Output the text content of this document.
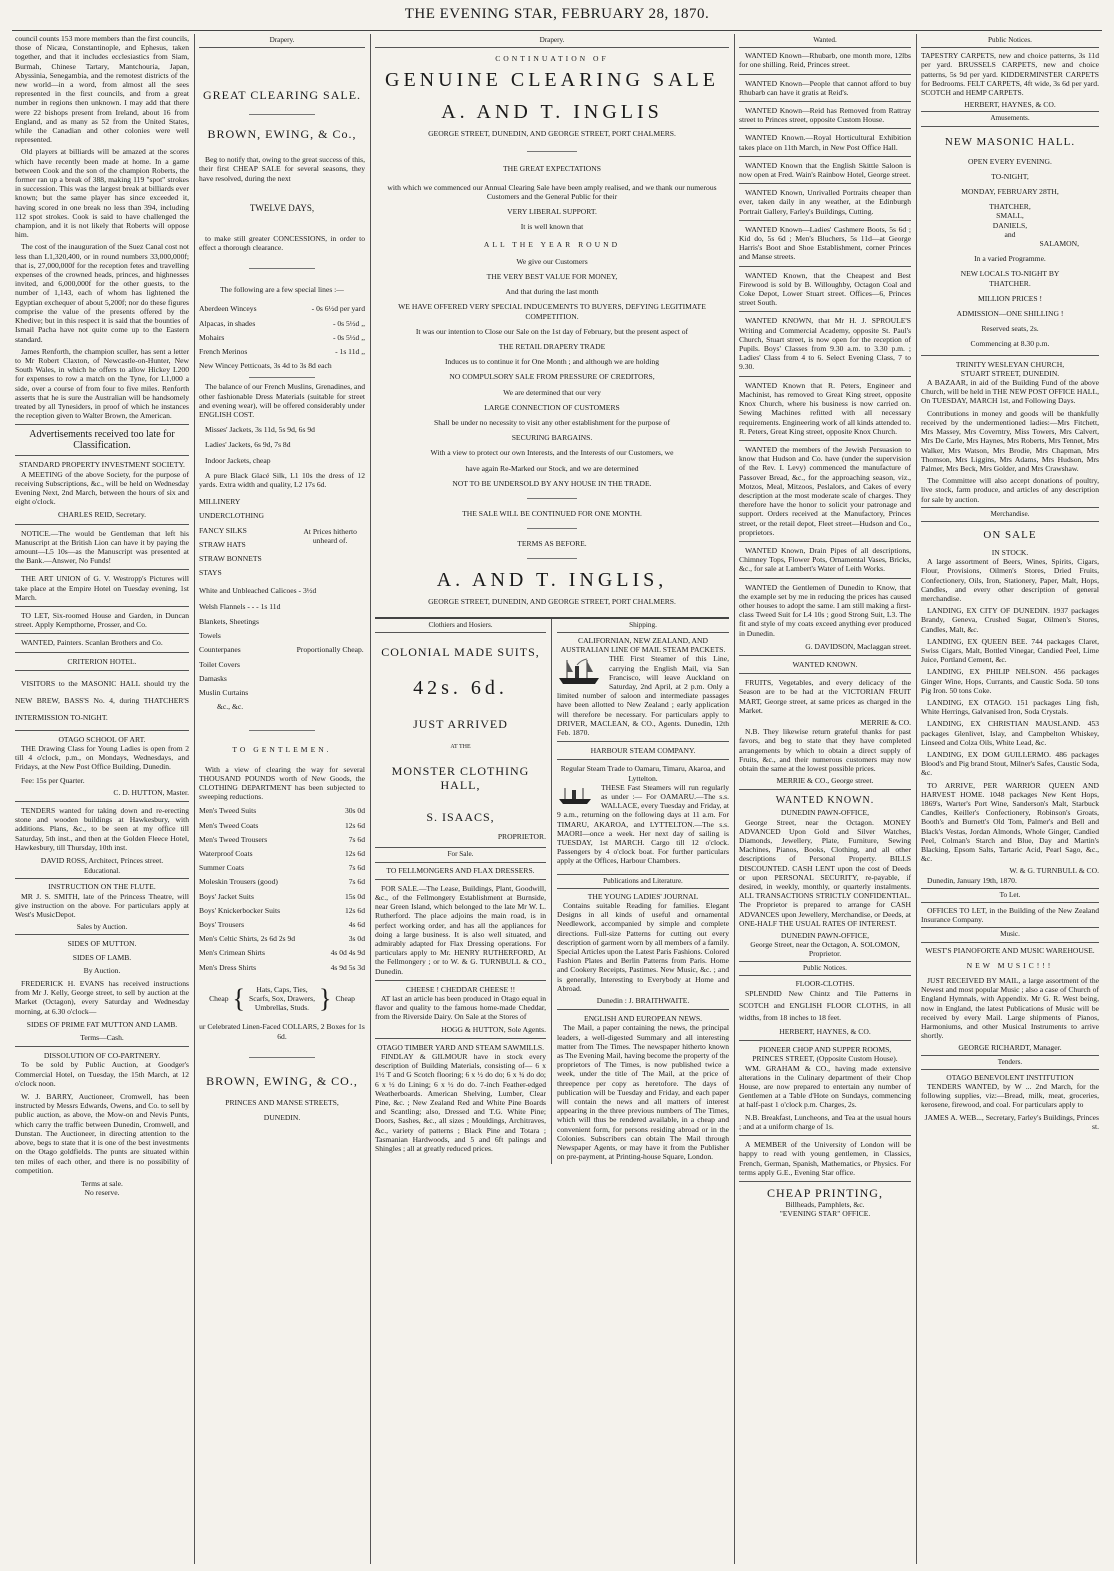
THE EVENING STAR, FEBRUARY 28, 1870.
council counts 153 more members than the first councils, those of Nicæa, Constantinople, and Ephesus, taken together, and that it includes ecclesiastics from Siam, Burmah, Chinese Tartary, Mantchouria, Japan, Abyssinia, Senegambia, and the remotest districts of the new world—in a word, from almost all the sees represented in the first councils, and from a great number in regions then unknown. I may add that there were 22 bishops present from Ireland, about 16 from England, and as many as 52 from the United States, while the Canadian and other colonies were well represented.
Old players at billiards will be amazed at the scores which have recently been made at home. In a game between Cook and the son of the champion Roberts, the former ran up a break of 388, making 119 "spot" strokes in succession. This was the largest break at billiards ever known; but the same player has since exceeded it, having scored in one break no less than 394, including 112 spot strokes. Cook is said to have challenged the champion, and it is not likely that Roberts will oppose him.
The cost of the inauguration of the Suez Canal cost not less than L1,320,400, or in round numbers 33,000,000f; that is, 27,000,000f for the reception fetes and travelling expenses of the crowned heads, princes, and highnesses invited, and 6,000,000f for the other guests, to the number of 1,143, each of whom has lightened the Egyptian exchequer of about 5,200f; nor do these figures comprise the value of the presents offered by the Khedive; but in this respect it is said that the bounties of Ismail Pacha have not quite come up to the Eastern standard.
James Renforth, the champion sculler, has sent a letter to Mr Robert Claxton, of Newcastle-on-Hunter, New South Wales, in which he offers to allow Hickey L200 for expenses to row a match on the Tyne, for L1,000 a side, over a course of from four to five miles. Renforth asserts that he is sure the Australian will be handsomely treated by all Tynesiders, in proof of which he instances the reception given to Walter Brown, the American.
Advertisements received too late for Classification.
STANDARD PROPERTY INVESTMENT SOCIETY.
A MEETING of the above Society, for the purpose of receiving Subscriptions, &c., will be held on Wednesday Evening Next, 2nd March, between the hours of six and eight o'clock.
CHARLES REID, Secretary.
NOTICE.—The would be Gentleman that left his Manuscript at the British Lion can have it by paying the amount—L5 10s—as the Manuscript was presented at the Bank.—Answer, No Funds!
THE ART UNION of G. V. Westropp's Pictures will take place at the Empire Hotel on Tuesday evening, 1st March.
TO LET, Six-roomed House and Garden, in Duncan street. Apply Kempthorne, Prosser, and Co.
WANTED, Painters. Scanlan Brothers and Co.
CRITERION HOTEL.
VISITORS to the MASONIC HALL should try the NEW BREW, BASS'S No. 4, during THATCHER'S INTERMISSION TO-NIGHT.
OTAGO SCHOOL OF ART.
THE Drawing Class for Young Ladies is open from 2 till 4 o'clock, p.m., on Mondays, Wednesdays, and Fridays, at the New Post Office Building, Dunedin.
Fee: 15s per Quarter.
C. D. HUTTON, Master.
TENDERS wanted for taking down and re-erecting stone and wooden buildings at Hawkesbury, with additions. Plans, &c., to be seen at my office till Saturday, 5th inst., and then at the Golden Fleece Hotel, Hawkesbury, till Thursday, 10th inst.
DAVID ROSS, Architect, Princes street.
Educational.
INSTRUCTION ON THE FLUTE.
MR J. S. SMITH, late of the Princess Theatre, will give instruction on the above. For particulars apply at West's MusicDepot.
Sales by Auction.
SIDES OF MUTTON.
SIDES OF LAMB.
By Auction.
FREDERICK H. EVANS has received instructions from Mr J. Kelly, George street, to sell by auction at the Market (Octagon), every Saturday and Wednesday morning, at 6.30 o'clock—
SIDES OF PRIME FAT MUTTON AND LAMB.
Terms—Cash.
DISSOLUTION OF CO-PARTNERY.
To be sold by Public Auction, at Goodger's Commercial Hotel, on Tuesday, the 15th March, at 12 o'clock noon.
W. J. BARRY, Auctioneer, Cromwell, has been instructed by Messrs Edwards, Owens, and Co. to sell by public auction, as above, the Mow-on and Nevis Punts, which carry the traffic between Dunedin, Cromwell, and Dunstan. The Auctioneer, in directing attention to the above, begs to state that it is one of the best investments on the Otago goldfields. The punts are situated within ten miles of each other, and there is no possibility of competition.
Terms at sale.
No reserve.
Drapery.
GREAT CLEARING SALE.
BROWN, EWING, & Co.,
Beg to notify that, owing to the great success of this, their first CHEAP SALE for several seasons, they have resolved, during the next
TWELVE DAYS,
to make still greater CONCESSIONS, in order to effect a thorough clearance.
The following are a few special lines :—
Aberdeen Winceys	- 0s 6½d per yard
Alpacas, in shades	- 0s 5½d ,,
Mohairs	- 0s 5½d ,,
French Merinos	- 1s 11d ,,
New Wincey Petticoats, 3s 4d to 3s 8d each	
The balance of our French Muslins, Grenadines, and other fashionable Dress Materials (suitable for street and evening wear), will be offered considerably under ENGLISH COST.
Misses' Jackets, 3s 11d, 5s 9d, 6s 9d
Ladies' Jackets, 6s 9d, 7s 8d
Indoor Jackets, cheap
A pure Black Glacé Silk, L1 10s the dress of 12 yards. Extra width and quality, L2 17s 6d.
MILLINERY
UNDERCLOTHING
FANCY SILKS
STRAW HATS
STRAW BONNETS
STAYS
At Prices hitherto unheard of.
White and Unbleached Calicoes - 3½d
Welsh Flannels - - - 1s 11d
Blankets, Sheetings
Towels
Counterpanes
Toilet Covers
Damasks
Muslin Curtains
&c., &c.
Proportionally Cheap.
TO GENTLEMEN.
With a view of clearing the way for several THOUSAND POUNDS worth of New Goods, the CLOTHING DEPARTMENT has been subjected to sweeping reductions.
Men's Tweed Suits	30s 0d
Men's Tweed Coats	12s 6d
Men's Tweed Trousers	7s 6d
Waterproof Coats	12s 6d
Summer Coats	7s 6d
Moleskin Trousers (good)	7s 6d
Boys' Jacket Suits	15s 0d
Boys' Knickerbocker Suits	12s 6d
Boys' Trousers	4s 6d
Men's Celtic Shirts, 2s 6d 2s 9d	3s 0d
Men's Crimean Shirts	4s 0d 4s 9d
Men's Dress Shirts	4s 9d 5s 3d
Cheap {	Hats, Caps, Ties,
Scarfs, Sox, Drawers,
Umbrellas, Studs. } Cheap
ur Celebrated Linen-Faced COLLARS, 2 Boxes for 1s 6d.
BROWN, EWING, & CO.,
PRINCES AND MANSE STREETS,
DUNEDIN.
Drapery.
CONTINUATION OF
GENUINE CLEARING SALE
A. AND T. INGLIS
GEORGE STREET, DUNEDIN, AND GEORGE STREET, PORT CHALMERS.
THE GREAT EXPECTATIONS
with which we commenced our Annual Clearing Sale have been amply realised, and we thank our numerous Customers and the General Public for their
VERY LIBERAL SUPPORT.
It is well known that
ALL THE YEAR ROUND
We give our Customers
THE VERY BEST VALUE FOR MONEY,
And that during the last month
WE HAVE OFFERED VERY SPECIAL INDUCEMENTS TO BUYERS, DEFYING LEGITIMATE COMPETITION.
It was our intention to Close our Sale on the 1st day of February, but the present aspect of
THE RETAIL DRAPERY TRADE
Induces us to continue it for One Month ; and although we are holding
NO COMPULSORY SALE FROM PRESSURE OF CREDITORS,
We are determined that our very
LARGE CONNECTION OF CUSTOMERS
Shall be under no necessity to visit any other establishment for the purpose of
SECURING BARGAINS.
With a view to protect our own Interests, and the Interests of our Customers, we
have again Re-Marked our Stock, and we are determined
NOT TO BE UNDERSOLD BY ANY HOUSE IN THE TRADE.
THE SALE WILL BE CONTINUED FOR ONE MONTH.
TERMS AS BEFORE.
A. AND T. INGLIS,
GEORGE STREET, DUNEDIN, AND GEORGE STREET, PORT CHALMERS.
Clothiers and Hosiers.
COLONIAL MADE SUITS,
42s. 6d.
JUST ARRIVED
AT THE
MONSTER CLOTHING HALL,
S. ISAACS,
PROPRIETOR.
For Sale.
TO FELLMONGERS AND FLAX DRESSERS.
FOR SALE.—The Lease, Buildings, Plant, Goodwill, &c., of the Fellmongery Establishment at Burnside, near Green Island, which belonged to the late Mr W. L. Rutherford. The place adjoins the main road, is in perfect working order, and has all the appliances for doing a large business. It is also well situated, and admirably adapted for Flax Dressing operations. For particulars apply to Mr. HENRY RUTHERFORD, At the Fellmongery ; or to W. & G. TURNBULL & CO., Dunedin.
CHEESE ! CHEDDAR CHEESE !!
AT last an article has been produced in Otago equal in flavor and quality to the famous home-made Cheddar, from the Riverside Dairy. On Sale at the Stores of
HOGG & HUTTON, Sole Agents.
OTAGO TIMBER YARD AND STEAM SAWMILLS.
FINDLAY & GILMOUR have in stock every description of Building Materials, consisting of— 6 x 1½ T and G Scotch flooring; 6 x ½ do do; 6 x ¾ do do; 6 x ½ do Lining; 6 x ½ do do. 7-inch Feather-edged Weatherboards. American Shelving, Lumber, Clear Pine, &c. ; New Zealand Red and White Pine Boards and Scantling; also, Dressed and T.G. White Pine; Doors, Sashes, &c., all sizes ; Mouldings, Architraves, &c., variety of patterns ; Black Pine and Totara ; Tasmanian Hardwoods, and 5 and 6ft palings and Shingles ; all at greatly reduced prices.
Shipping.
CALIFORNIAN, NEW ZEALAND, AND AUSTRALIAN LINE OF MAIL STEAM PACKETS.
THE First Steamer of this Line, carrying the English Mail, via San Francisco, will leave Auckland on Saturday, 2nd April, at 2 p.m. Only a limited number of saloon and intermediate passages have been allotted to New Zealand ; early application will therefore be necessary. For particulars apply to DRIVER, MACLEAN, & CO., Agents. Dunedin, 12th Feb. 1870.
HARBOUR STEAM COMPANY.
Regular Steam Trade to Oamaru, Timaru, Akaroa, and Lyttelton.
THESE Fast Steamers will run regularly as under :— For OAMARU.—The s.s. WALLACE, every Tuesday and Friday, at 9 a.m., returning on the following days at 11 a.m. For TIMARU, AKAROA, and LYTTELTON.—The s.s. MAORI—once a week. Her next day of sailing is TUESDAY, 1st MARCH. Cargo till 12 o'clock. Passengers by 4 o'clock boat. For further particulars apply at the Offices, Harbour Chambers.
Publications and Literature.
THE YOUNG LADIES' JOURNAL
Contains suitable Reading for families. Elegant Designs in all kinds of useful and ornamental Needlework, accompanied by simple and complete directions. Full-size Patterns for cutting out every description of garment worn by all members of a family. Special Articles upon the Latest Paris Fashions. Colored Fashion Plates and Berlin Patterns from Paris. Home and Cookery Receipts, Pastimes. New Music, &c. ; and is generally, Interesting to Everybody at Home and Abroad.
Dunedin : J. BRAITHWAITE.
ENGLISH AND EUROPEAN NEWS.
The Mail, a paper containing the news, the principal leaders, a well-digested Summary and all interesting matter from The Times. The newspaper hitherto known as The Evening Mail, having become the property of the proprietors of The Times, is now published twice a week, under the title of The Mail, at the price of threepence per copy as heretofore. The days of publication will be Tuesday and Friday, and each paper will contain the news and all matters of interest appearing in the three previous numbers of The Times, which will thus be rendered available, in a cheap and convenient form, for persons residing abroad or in the Colonies. Subscribers can obtain The Mail through Newspaper Agents, or may have it from the Publisher on pre-payment, at Printing-house Square, London.
Wanted.
WANTED Known—Rhubarb, one month more, 12lbs for one shilling. Reid, Princes street.
WANTED Known—People that cannot afford to buy Rhubarb can have it gratis at Reid's.
WANTED Known—Reid has Removed from Rattray street to Princes street, opposite Custom House.
WANTED Known.—Royal Horticultural Exhibition takes place on 11th March, in New Post Office Hall.
WANTED Known that the English Skittle Saloon is now open at Fred. Wain's Rainbow Hotel, George street.
WANTED Known, Unrivalled Portraits cheaper than ever, taken daily in any weather, at the Edinburgh Portrait Gallery, Farley's Buildings, Cutting.
WANTED Known—Ladies' Cashmere Boots, 5s 6d ; Kid do, 5s 6d ; Men's Bluchers, 5s 11d—at George Harris's Boot and Shoe Establishment, corner Princes and Manse streets.
WANTED Known, that the Cheapest and Best Firewood is sold by B. Willoughby, Octagon Coal and Coke Depot, Lower Stuart street. Offices—6, Princes street South.
WANTED KNOWN, that Mr H. J. SPROULE'S Writing and Commercial Academy, opposite St. Paul's Church, Stuart street, is now open for the reception of Pupils. Boys' Classes from 9.30 a.m. to 3.30 p.m. ; Ladies' Class from 4 to 6. Select Evening Class, 7 to 9.30.
WANTED Known that R. Peters, Engineer and Machinist, has removed to Great King street, opposite Knox Church, where his business is now carried on. Sewing Machines refitted with all necessary requirements. Engineering work of all kinds attended to. R. Peters, Great King street, opposite Knox Church.
WANTED the members of the Jewish Persuasion to know that Hudson and Co. have (under the supervision of the Rev. I. Levy) commenced the manufacture of Passover Bread, &c., for the approaching season, viz., Motzos, Meal, Mitzoos, Peslalors, and Cakes of every description at the most moderate scale of charges. They therefore have the honor to solicit your patronage and support. Orders received at the Manufactory, Princes street, or the retail depot, Fleet street—Hudson and Co., proprietors.
WANTED Known, Drain Pipes of all descriptions, Chimney Tops, Flower Pots, Ornamental Vases, Bricks, &c., for sale at Lambert's Water of Leith Works.
WANTED the Gentlemen of Dunedin to Know, that the example set by me in reducing the prices has caused other houses to adopt the same. I am still making a first-class Tweed Suit for L4 10s ; good Strong Suit, L3. The fit and style of my coats exceed anything ever produced in Dunedin.
G. DAVIDSON, Maclaggan street.
WANTED KNOWN.
FRUITS, Vegetables, and every delicacy of the Season are to be had at the VICTORIAN FRUIT MART, George street, at same prices as charged in the Market.
MERRIE & CO.
N.B. They likewise return grateful thanks for past favors, and beg to state that they have completed arrangements by which to obtain a direct supply of Fruits, &c., and their numerous customers may now obtain the same at the lowest possible prices.
MERRIE & CO., George street.
WANTED KNOWN.
DUNEDIN PAWN-OFFICE,
George Street, near the Octagon. MONEY ADVANCED Upon Gold and Silver Watches, Diamonds, Jewellery, Plate, Furniture, Sewing Machines, Pianos, Books, Clothing, and all other descriptions of Personal Property. BILLS DISCOUNTED. CASH LENT upon the cost of Deeds or upon PERSONAL SECURITY, re-payable, if desired, in weekly, monthly, or quarterly instalments. ALL TRANSACTIONS STRICTLY CONFIDENTIAL. The Proprietor is prepared to arrange for CASH ADVANCES upon Jewellery, Merchandise, or Deeds, at ONE-HALF THE USUAL RATES OF INTEREST.
DUNEDIN PAWN-OFFICE,
George Street, near the Octagon, A. SOLOMON, Proprietor.
Public Notices.
FLOOR-CLOTHS.
SPLENDID New Chintz and Tile Patterns in SCOTCH and ENGLISH FLOOR CLOTHS, in all widths, from 18 inches to 18 feet.
HERBERT, HAYNES, & CO.
PIONEER CHOP AND SUPPER ROOMS,
PRINCES STREET, (Opposite Custom House).
WM. GRAHAM & CO., having made extensive alterations in the Culinary department of their Chop House, are now prepared to entertain any number of Gentlemen at a Table d'Hote on Sundays, commencing at half-past 1 o'clock p.m. Charges, 2s.
N.B. Breakfast, Luncheons, and Tea at the usual hours ; and at a uniform charge of 1s.
A MEMBER of the University of London will be happy to read with young gentlemen, in Classics, French, German, Spanish, Mathematics, or Physics. For terms apply G.E., Evening Star office.
CHEAP PRINTING,
Billheads, Pamphlets, &c.
"EVENING STAR" OFFICE.
Public Notices.
TAPESTRY CARPETS, new and choice patterns, 3s 11d per yard. BRUSSELS CARPETS, new and choice patterns, 5s 9d per yard. KIDDERMINSTER CARPETS for Bedrooms. FELT CARPETS, 4ft wide, 3s 6d per yard. SCOTCH and HEMP CARPETS.
HERBERT, HAYNES, & CO.
Amusements.
NEW MASONIC HALL.
OPEN EVERY EVENING.
TO-NIGHT,
MONDAY, FEBRUARY 28TH,
THATCHER,
SMALL,
DANIELS,
and
SALAMON,
In a varied Programme.
NEW LOCALS TO-NIGHT BY THATCHER.
MILLION PRICES !
ADMISSION—ONE SHILLING !
Reserved seats, 2s.
Commencing at 8.30 p.m.
TRINITY WESLEYAN CHURCH,
STUART STREET, DUNEDIN.
A BAZAAR, in aid of the Building Fund of the above Church, will be held in THE NEW POST OFFICE HALL, On TUESDAY, MARCH 1st, and Following Days.
Contributions in money and goods will be thankfully received by the undermentioned ladies:—Mrs Fitchett, Mrs Massey, Mrs Coverntry, Miss Towers, Mrs Calvert, Mrs De Carle, Mrs Haynes, Mrs Roberts, Mrs Tennet, Mrs Walker, Mrs Watson, Mrs Brodie, Mrs Chapman, Mrs Thomson, Mrs Liggins, Mrs Adams, Mrs Hudson, Mrs Palmer, Mrs Beck, Mrs Golder, and Mrs Crawshaw.
The Committee will also accept donations of poultry, live stock, farm produce, and articles of any description for sale by auction.
Merchandise.
ON SALE
IN STOCK.
A large assortment of Beers, Wines, Spirits, Cigars, Flour, Provisions, Oilmen's Stores, Dried Fruits, Confectionery, Oils, Iron, Stationery, Paper, Malt, Hops, Candles, and every other description of general merchandise.
LANDING, EX CITY OF DUNEDIN. 1937 packages Brandy, Geneva, Crushed Sugar, Oilmen's Stores, Candles, Malt, &c.
LANDING, EX QUEEN BEE. 744 packages Claret, Swiss Cigars, Malt, Bottled Vinegar, Candied Peel, Lime Juice, Portland Cement, &c.
LANDING, EX PHILIP NELSON. 456 packages Ginger Wine, Hops, Currants, and Caustic Soda. 50 tons Pig Iron. 50 tons Coke.
LANDING, EX OTAGO. 151 packages Ling fish, White Herrings, Galvanised Iron, Soda Crystals.
LANDING, EX CHRISTIAN MAUSLAND. 453 packages Glenlivet, Islay, and Campbelton Whiskey, Linseed and Colza Oils, White Lead, &c.
LANDING, EX DOM GUILLERMO. 486 packages Blood's and Pig brand Stout, Milner's Safes, Caustic Soda, &c.
TO ARRIVE, PER WARRIOR QUEEN AND HARVEST HOME. 1048 packages New Kent Hops, 1869's, Warter's Port Wine, Sanderson's Malt, Starbuck Candles, Keiller's Confectionery, Robinson's Groats, Booth's and Burnett's Old Tom, Palmer's and Bell and Black's Vestas, Jordan Almonds, Whole Ginger, Candied Peel, Colman's Starch and Blue, Day and Martin's Blacking, Epsom Salts, Tartaric Acid, Pearl Sago, &c., &c.
W. & G. TURNBULL & CO.
Dunedin, January 19th, 1870.
To Let.
OFFICES TO LET, in the Building of the New Zealand Insurance Company.
Music.
WEST'S PIANOFORTE AND MUSIC WAREHOUSE.
NEW MUSIC!!!
JUST RECEIVED BY MAIL, a large assortment of the Newest and most popular Music ; also a case of Church of England Hymnals, with Appendix. Mr G. R. West being, now in England, the latest Publications of Music will be received by every Mail. Large shipments of Pianos, Harmoniums, and other Musical Instruments to arrive shortly.
GEORGE RICHARDT, Manager.
Tenders.
OTAGO BENEVOLENT INSTITUTION
TENDERS WANTED, by W ... 2nd March, for the following supplies, viz:—Bread, milk, meat, groceries, kerosene, firewood, and coal. For particulars apply to
JAMES A. WEB..., Secretary, Farley's Buildings, Princes st.
